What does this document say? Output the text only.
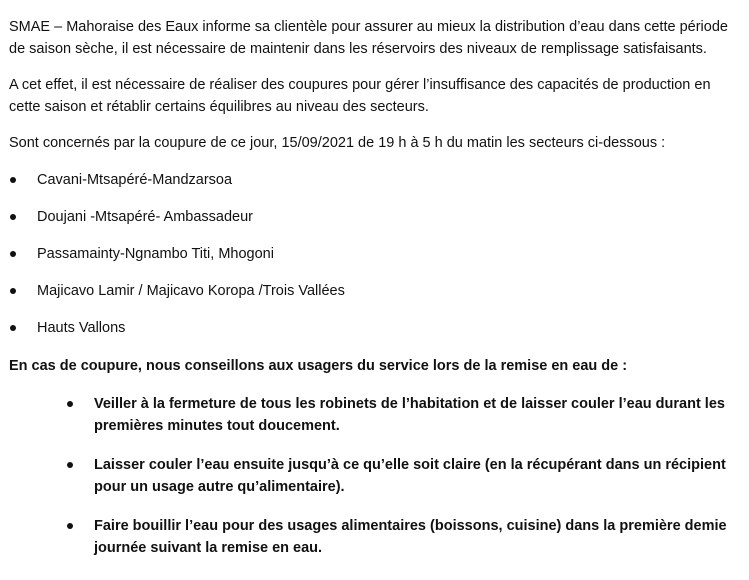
SMAE – Mahoraise des Eaux informe sa clientèle pour assurer au mieux la distribution d’eau dans cette période de saison sèche, il est nécessaire de maintenir dans les réservoirs des niveaux de remplissage satisfaisants.

A cet effet, il est nécessaire de réaliser des coupures pour gérer l’insuffisance des capacités de production en cette saison et rétablir certains équilibres au niveau des secteurs.

Sont concernés par la coupure de ce jour, 15/09/2021 de 19 h à 5 h du matin les secteurs ci-dessous :

Cavani-Mtsapéré-Mandzarsoa
Doujani -Mtsapéré- Ambassadeur
Passamainty-Ngnambo Titi, Mhogoni
Majicavo Lamir / Majicavo Koropa /Trois Vallées
Hauts Vallons

En cas de coupure, nous conseillons aux usagers du service lors de la remise en eau de :

Veiller à la fermeture de tous les robinets de l’habitation et de laisser couler l’eau durant les premières minutes tout doucement.
Laisser couler l’eau ensuite jusqu’à ce qu’elle soit claire (en la récupérant dans un récipient pour un usage autre qu’alimentaire).
Faire bouillir l’eau pour des usages alimentaires (boissons, cuisine) dans la première demie journée suivant la remise en eau.
